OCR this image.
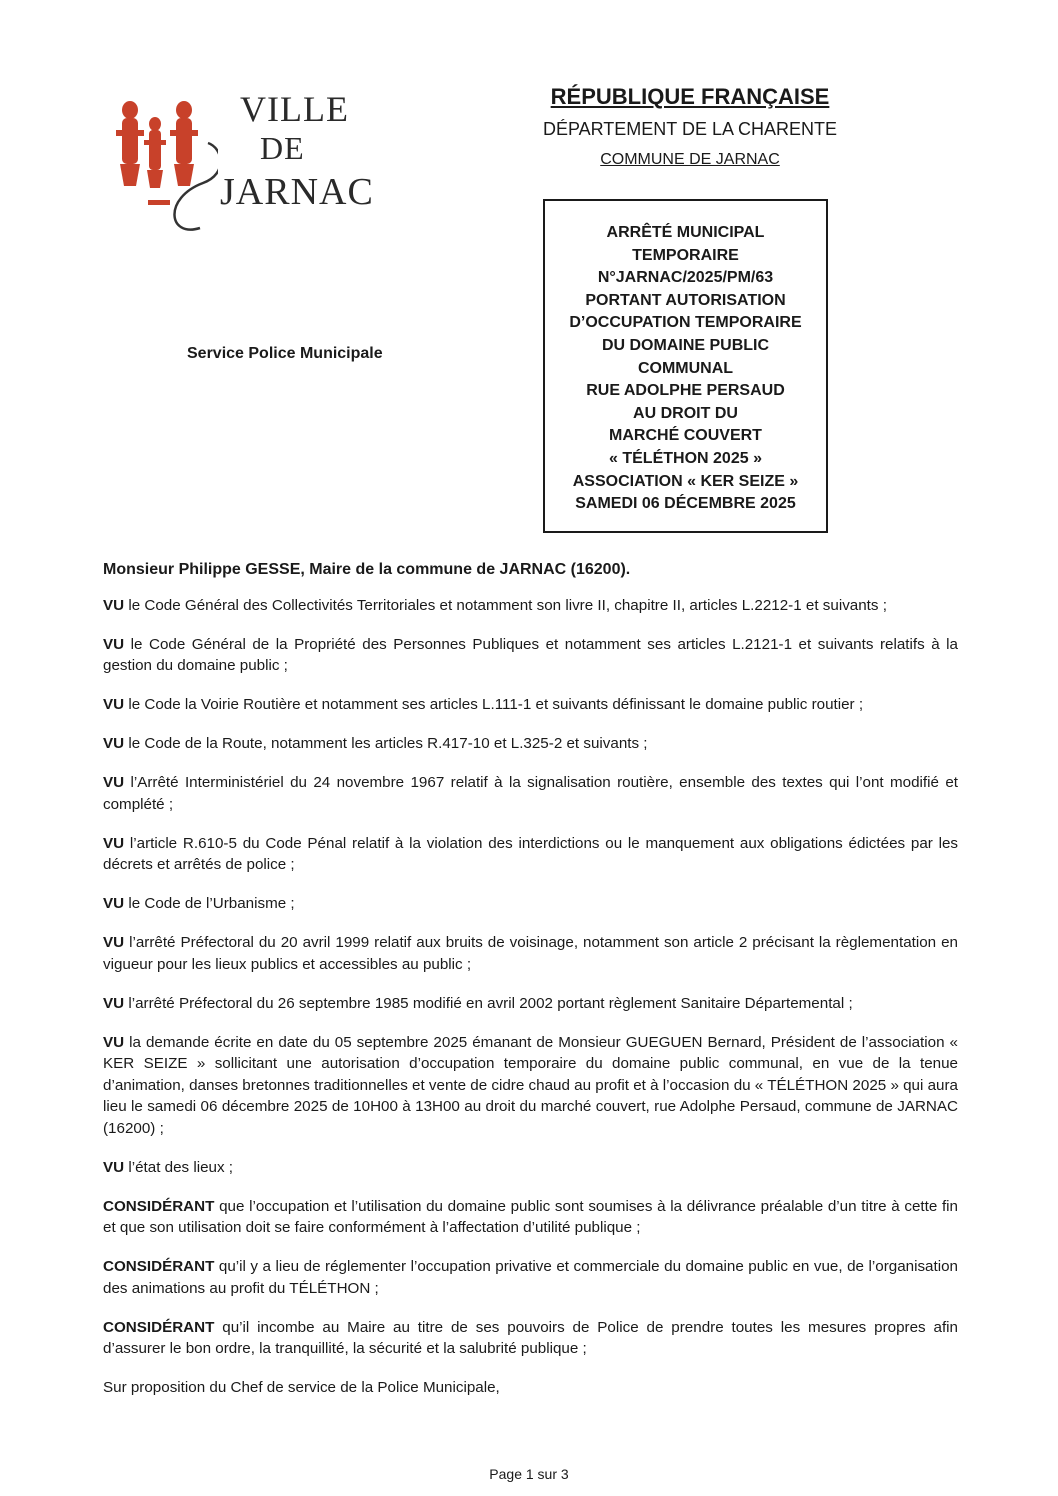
VILLE
DE
JARNAC
RÉPUBLIQUE FRANÇAISE
DÉPARTEMENT DE LA CHARENTE
COMMUNE DE JARNAC
ARRÊTÉ MUNICIPAL
TEMPORAIRE
N°JARNAC/2025/PM/63
PORTANT AUTORISATION
D’OCCUPATION TEMPORAIRE
DU DOMAINE PUBLIC
COMMUNAL
RUE ADOLPHE PERSAUD
AU DROIT DU
MARCHÉ COUVERT
« TÉLÉTHON 2025 »
ASSOCIATION « KER SEIZE »
SAMEDI 06 DÉCEMBRE 2025
Service Police Municipale

Monsieur Philippe GESSE, Maire de la commune de JARNAC (16200).

VU le Code Général des Collectivités Territoriales et notamment son livre II, chapitre II, articles L.2212-1 et suivants ;

VU le Code Général de la Propriété des Personnes Publiques et notamment ses articles L.2121-1 et suivants relatifs à la gestion du domaine public ;

VU le Code la Voirie Routière et notamment ses articles L.111-1 et suivants définissant le domaine public routier ;

VU le Code de la Route, notamment les articles R.417-10 et L.325-2 et suivants ;

VU l’Arrêté Interministériel du 24 novembre 1967 relatif à la signalisation routière, ensemble des textes qui l’ont modifié et complété ;

VU l’article R.610-5 du Code Pénal relatif à la violation des interdictions ou le manquement aux obligations édictées par les décrets et arrêtés de police ;

VU le Code de l’Urbanisme ;

VU l’arrêté Préfectoral du 20 avril 1999 relatif aux bruits de voisinage, notamment son article 2 précisant la règlementation en vigueur pour les lieux publics et accessibles au public ;

VU l’arrêté Préfectoral du 26 septembre 1985 modifié en avril 2002 portant règlement Sanitaire Départemental ;

VU la demande écrite en date du 05 septembre 2025 émanant de Monsieur GUEGUEN Bernard, Président de l’association « KER SEIZE » sollicitant une autorisation d’occupation temporaire du domaine public communal, en vue de la tenue d’animation, danses bretonnes traditionnelles et vente de cidre chaud au profit et à l’occasion du « TÉLÉTHON 2025 » qui aura lieu le samedi 06 décembre 2025 de 10H00 à 13H00 au droit du marché couvert, rue Adolphe Persaud, commune de JARNAC (16200) ;

VU l’état des lieux ;

CONSIDÉRANT que l’occupation et l’utilisation du domaine public sont soumises à la délivrance préalable d’un titre à cette fin et que son utilisation doit se faire conformément à l’affectation d’utilité publique ;

CONSIDÉRANT qu’il y a lieu de réglementer l’occupation privative et commerciale du domaine public en vue, de l’organisation des animations au profit du TÉLÉTHON ;

CONSIDÉRANT qu’il incombe au Maire au titre de ses pouvoirs de Police de prendre toutes les mesures propres afin d’assurer le bon ordre, la tranquillité, la sécurité et la salubrité publique ;

Sur proposition du Chef de service de la Police Municipale,

Page 1 sur 3
